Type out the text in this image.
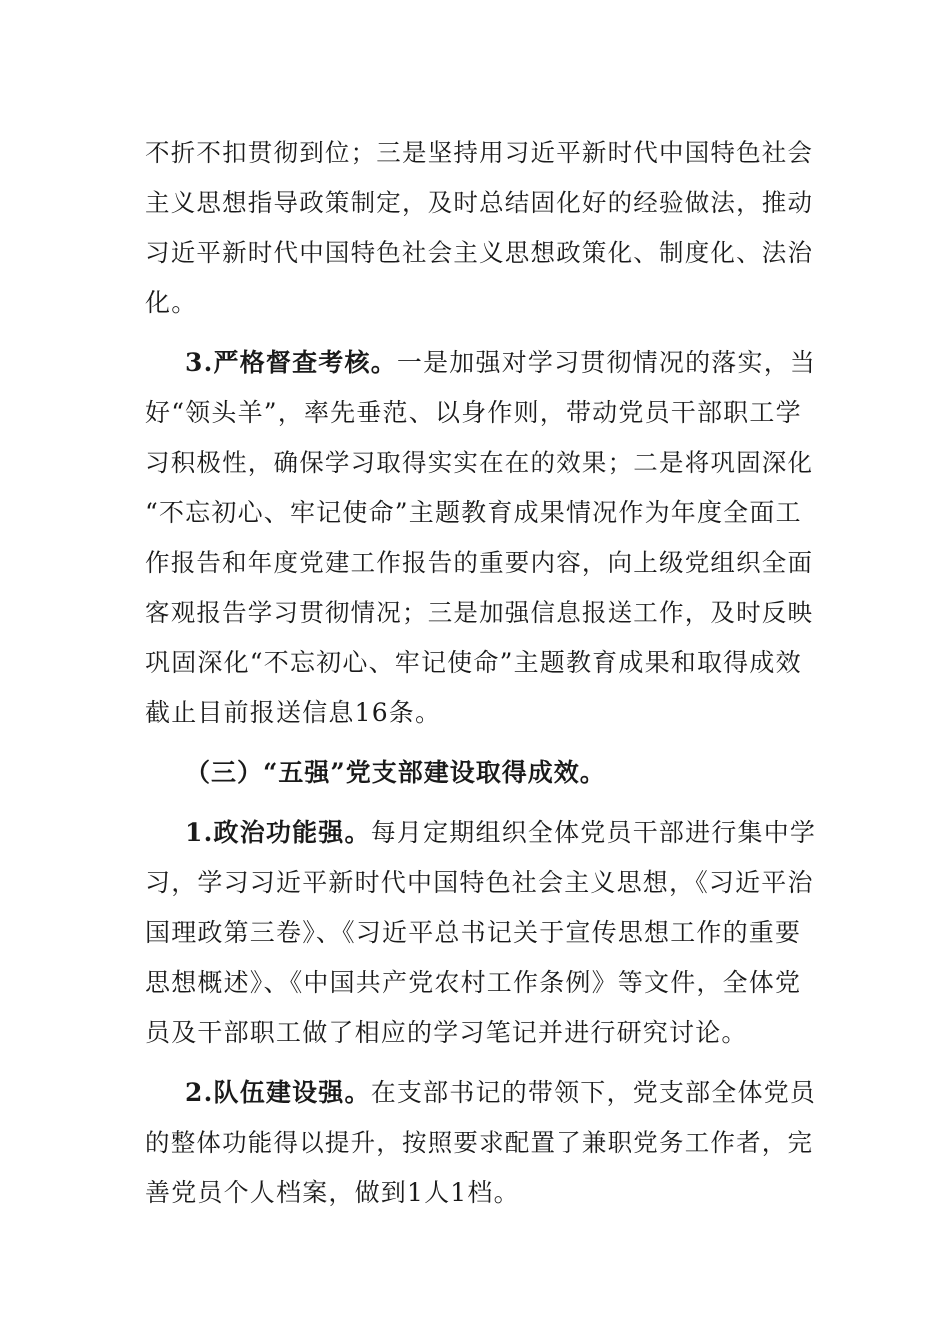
不折不扣贯彻到位；三是坚持用习近平新时代中国特色社会
主义思想指导政策制定，及时总结固化好的经验做法，推动
习近平新时代中国特色社会主义思想政策化、制度化、法治
化。
3.严格督查考核。一是加强对学习贯彻情况的落实，当
好“领头羊”，率先垂范、以身作则，带动党员干部职工学
习积极性，确保学习取得实实在在的效果；二是将巩固深化
“不忘初心、牢记使命”主题教育成果情况作为年度全面工
作报告和年度党建工作报告的重要内容，向上级党组织全面
客观报告学习贯彻情况；三是加强信息报送工作，及时反映
巩固深化“不忘初心、牢记使命”主题教育成果和取得成效
截止目前报送信息16条。
（三）“五强”党支部建设取得成效。
1.政治功能强。每月定期组织全体党员干部进行集中学
习，学习习近平新时代中国特色社会主义思想，《习近平治
国理政第三卷》、《习近平总书记关于宣传思想工作的重要
思想概述》、《中国共产党农村工作条例》等文件，全体党
员及干部职工做了相应的学习笔记并进行研究讨论。
2.队伍建设强。在支部书记的带领下，党支部全体党员
的整体功能得以提升，按照要求配置了兼职党务工作者，完
善党员个人档案，做到1人1档。
